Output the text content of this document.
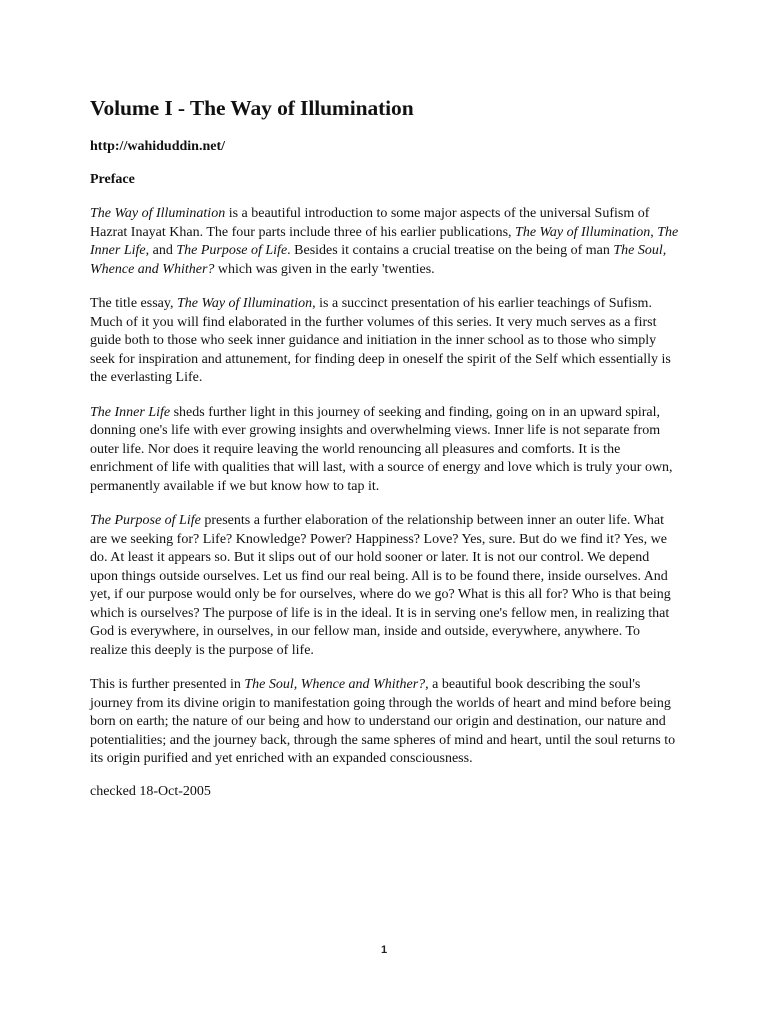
Volume I - The Way of Illumination
http://wahiduddin.net/
Preface

The Way of Illumination is a beautiful introduction to some major aspects of the universal Sufism of Hazrat Inayat Khan. The four parts include three of his earlier publications, The Way of Illumination, The Inner Life, and The Purpose of Life. Besides it contains a crucial treatise on the being of man The Soul, Whence and Whither? which was given in the early 'twenties.

The title essay, The Way of Illumination, is a succinct presentation of his earlier teachings of Sufism. Much of it you will find elaborated in the further volumes of this series. It very much serves as a first guide both to those who seek inner guidance and initiation in the inner school as to those who simply seek for inspiration and attunement, for finding deep in oneself the spirit of the Self which essentially is the everlasting Life.

The Inner Life sheds further light in this journey of seeking and finding, going on in an upward spiral, donning one's life with ever growing insights and overwhelming views. Inner life is not separate from outer life. Nor does it require leaving the world renouncing all pleasures and comforts. It is the enrichment of life with qualities that will last, with a source of energy and love which is truly your own, permanently available if we but know how to tap it.

The Purpose of Life presents a further elaboration of the relationship between inner an outer life. What are we seeking for? Life? Knowledge? Power? Happiness? Love? Yes, sure. But do we find it? Yes, we do. At least it appears so. But it slips out of our hold sooner or later. It is not our control. We depend upon things outside ourselves. Let us find our real being. All is to be found there, inside ourselves. And yet, if our purpose would only be for ourselves, where do we go? What is this all for? Who is that being which is ourselves? The purpose of life is in the ideal. It is in serving one's fellow men, in realizing that God is everywhere, in ourselves, in our fellow man, inside and outside, everywhere, anywhere. To realize this deeply is the purpose of life.

This is further presented in The Soul, Whence and Whither?, a beautiful book describing the soul's journey from its divine origin to manifestation going through the worlds of heart and mind before being born on earth; the nature of our being and how to understand our origin and destination, our nature and potentialities; and the journey back, through the same spheres of mind and heart, until the soul returns to its origin purified and yet enriched with an expanded consciousness.

checked 18-Oct-2005
1
